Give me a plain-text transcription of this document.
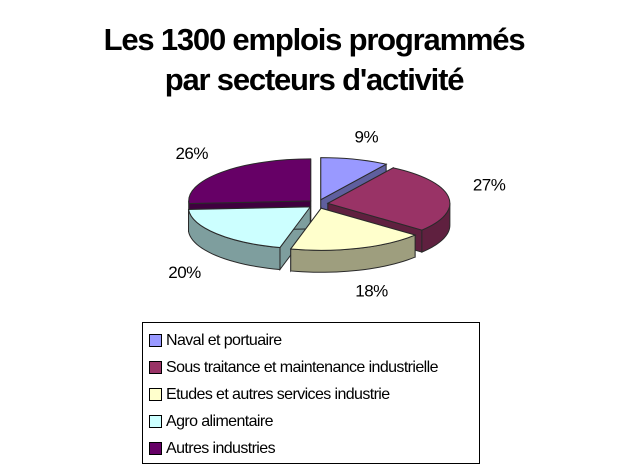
Les 1300 emplois programmés
par secteurs d'activité
9%
27%
18%
20%
26%
Naval et portuaire
Sous traitance et maintenance industrielle
Etudes et autres services industrie
Agro alimentaire
Autres industries
